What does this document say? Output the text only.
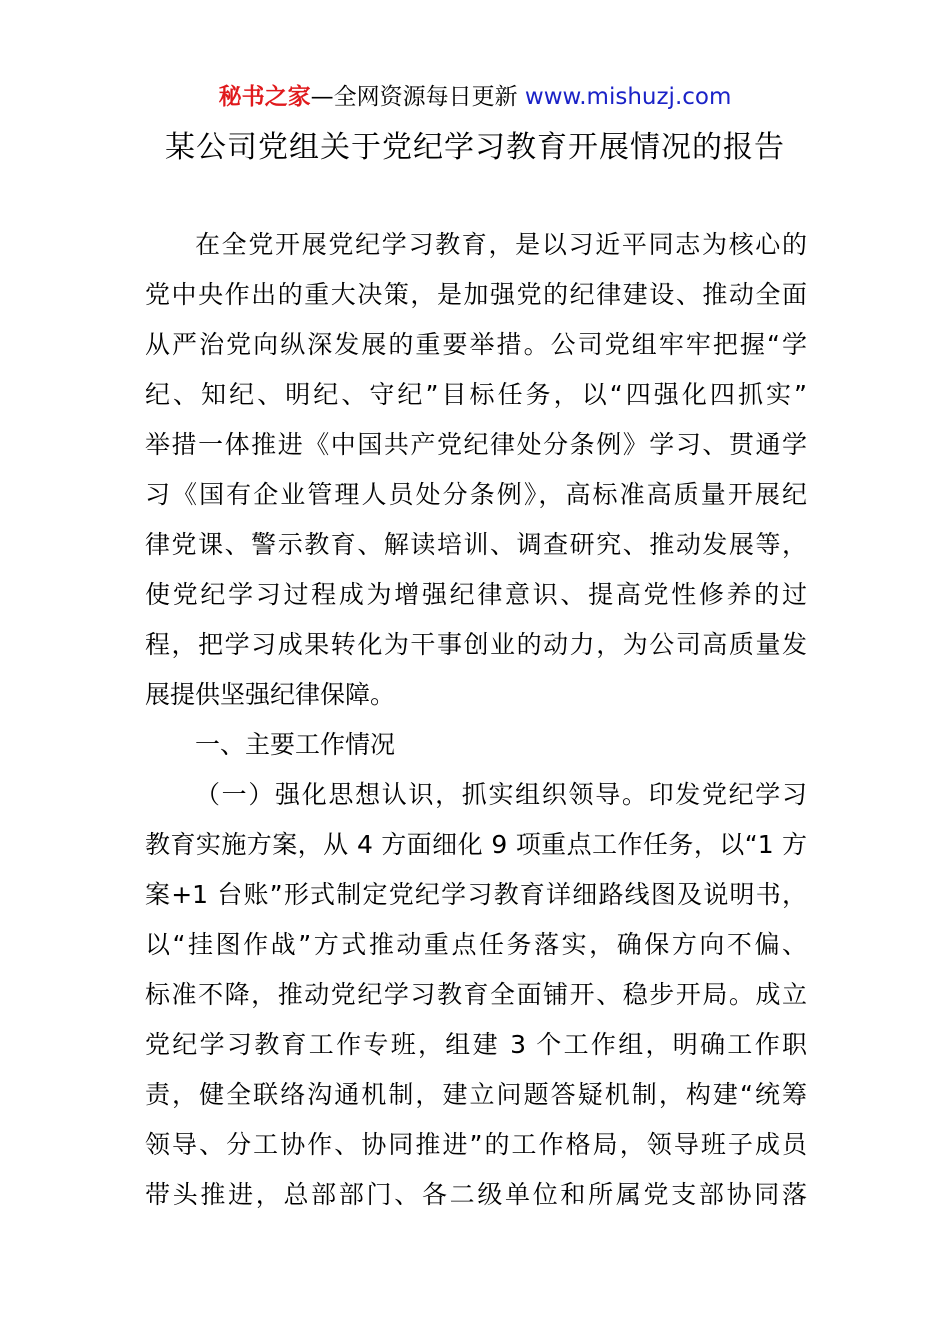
秘书之家—全网资源每日更新 www.mishuzj.com
某公司党组关于党纪学习教育开展情况的报告
在全党开展党纪学习教育，是以习近平同志为核心的
党中央作出的重大决策，是加强党的纪律建设、推动全面
从严治党向纵深发展的重要举措。公司党组牢牢把握“学
纪、知纪、明纪、守纪”目标任务，以“四强化四抓实”
举措一体推进《中国共产党纪律处分条例》学习、贯通学
习《国有企业管理人员处分条例》，高标准高质量开展纪
律党课、警示教育、解读培训、调查研究、推动发展等，
使党纪学习过程成为增强纪律意识、提高党性修养的过
程，把学习成果转化为干事创业的动力，为公司高质量发
展提供坚强纪律保障。
一、主要工作情况
（一）强化思想认识，抓实组织领导。印发党纪学习
教育实施方案，从 4 方面细化 9 项重点工作任务，以“1 方
案+1 台账”形式制定党纪学习教育详细路线图及说明书，
以“挂图作战”方式推动重点任务落实，确保方向不偏、
标准不降，推动党纪学习教育全面铺开、稳步开局。成立
党纪学习教育工作专班，组建 3 个工作组，明确工作职
责，健全联络沟通机制，建立问题答疑机制，构建“统筹
领导、分工协作、协同推进”的工作格局，领导班子成员
带头推进，总部部门、各二级单位和所属党支部协同落
